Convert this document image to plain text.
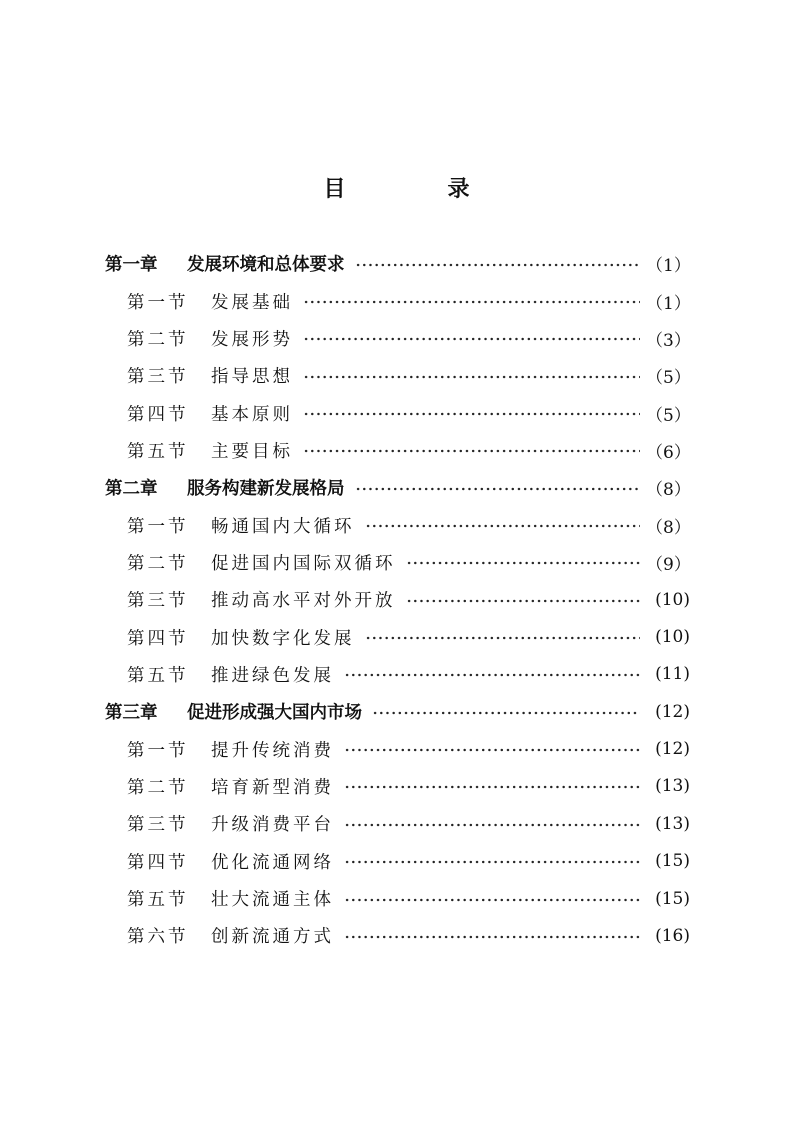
目　录
第一章	发展环境和总体要求	（1）
第一节	发展基础	（1）
第二节	发展形势	（3）
第三节	指导思想	（5）
第四节	基本原则	（5）
第五节	主要目标	（6）
第二章	服务构建新发展格局	（8）
第一节	畅通国内大循环	（8）
第二节	促进国内国际双循环	（9）
第三节	推动高水平对外开放	(10)
第四节	加快数字化发展	(10)
第五节	推进绿色发展	(11)
第三章	促进形成强大国内市场	(12)
第一节	提升传统消费	(12)
第二节	培育新型消费	(13)
第三节	升级消费平台	(13)
第四节	优化流通网络	(15)
第五节	壮大流通主体	(15)
第六节	创新流通方式	(16)
